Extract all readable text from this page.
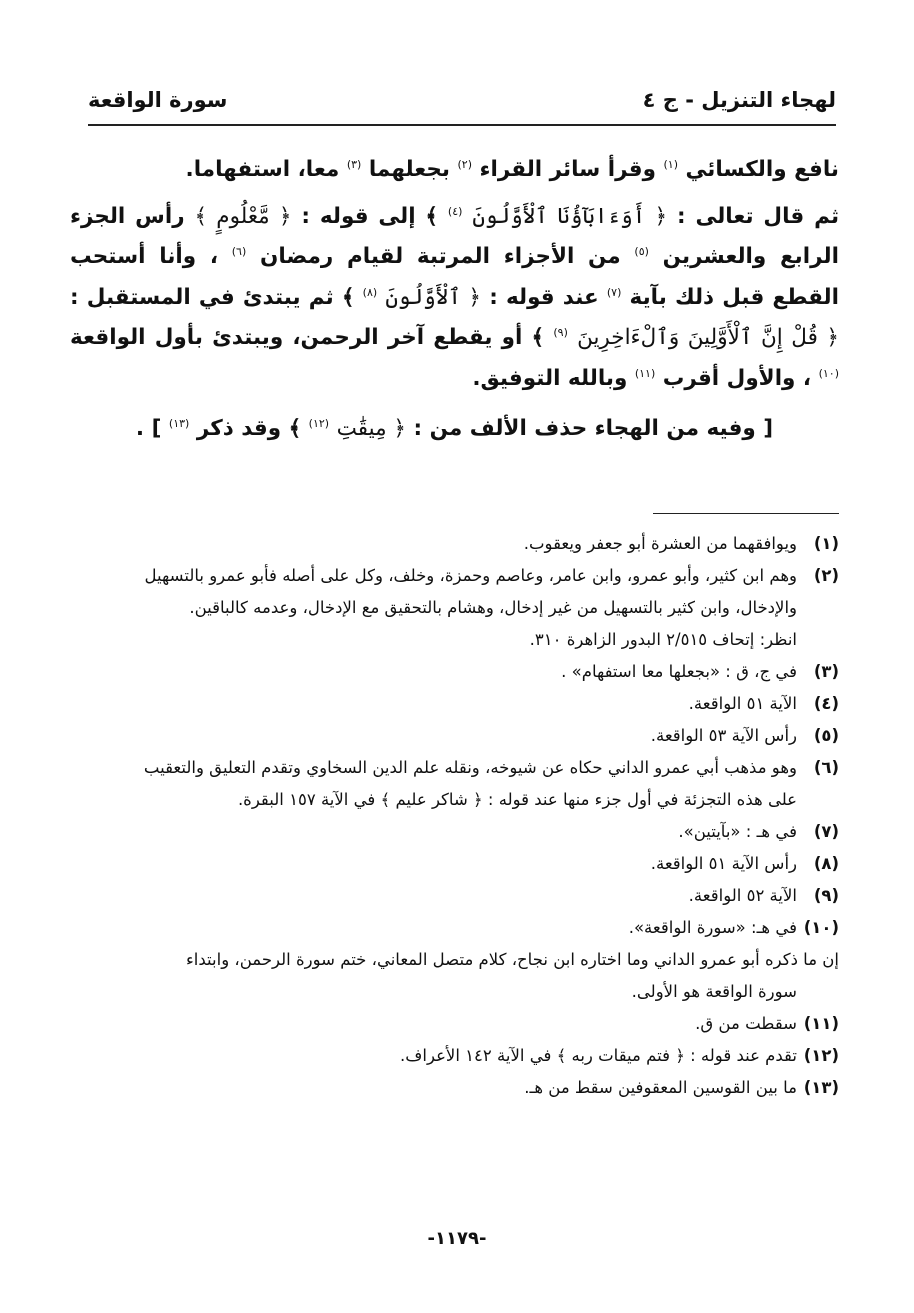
لهجاء التنزيل - ج ٤
سورة الواقعة

نافع والكسائي $^{(١)}$ وقرأ سائر القراء $^{(٢)}$ بجعلهما $^{(٣)}$ معا، استفهاما.

ثم قال تعالى : ﴿ أَوَءَابَآؤُنَا ٱلْأَوَّلُونَ $^{(٤)}$ ﴾ إلى قوله : ﴿ مَّعْلُومٍ ﴾ رأس الجزء الرابع والعشرين $^{(٥)}$ من الأجزاء المرتبة لقيام رمضان $^{(٦)}$ ، وأنا أستحب القطع قبل ذلك بآية $^{(٧)}$ عند قوله : ﴿ ٱلْأَوَّلُونَ $^{(٨)}$ ﴾ ثم يبتدئ في المستقبل : ﴿ قُلْ إِنَّ ٱلْأَوَّلِينَ وَٱلْءَاخِرِينَ $^{(٩)}$ ﴾ أو يقطع آخر الرحمن، ويبتدئ بأول الواقعة $^{(١٠)}$ ، والأول أقرب $^{(١١)}$ وبالله التوفيق.

[ وفيه من الهجاء حذف الألف من : ﴿ مِيقَٰتِ $^{(١٢)}$ ﴾ وقد ذكر $^{(١٣)}$ ] .

(١)
ويوافقهما من العشرة أبو جعفر ويعقوب.
(٢)
وهم ابن كثير، وأبو عمرو، وابن عامر، وعاصم وحمزة، وخلف، وكل على أصله فأبو عمرو بالتسهيل
والإدخال، وابن كثير بالتسهيل من غير إدخال، وهشام بالتحقيق مع الإدخال، وعدمه كالباقين.
انظر: إتحاف ٢/٥١٥ البدور الزاهرة ٣١٠.
(٣)
في ج، ق : «بجعلها معا استفهام» .
(٤)
الآية ٥١ الواقعة.
(٥)
رأس الآية ٥٣ الواقعة.
(٦)
وهو مذهب أبي عمرو الداني حكاه عن شيوخه، ونقله علم الدين السخاوي وتقدم التعليق والتعقيب
على هذه التجزئة في أول جزء منها عند قوله : ﴿ شاكر عليم ﴾ في الآية ١٥٧ البقرة.
(٧)
في هـ : «بآيتين».
(٨)
رأس الآية ٥١ الواقعة.
(٩)
الآية ٥٢ الواقعة.
(١٠)
في هـ: «سورة الواقعة».
إن ما ذكره أبو عمرو الداني وما اختاره ابن نجاح، كلام متصل المعاني، ختم سورة الرحمن، وابتداء
سورة الواقعة هو الأولى.
(١١)
سقطت من ق.
(١٢)
تقدم عند قوله : ﴿ فتم ميقات ربه ﴾ في الآية ١٤٢ الأعراف.
(١٣)
ما بين القوسين المعقوفين سقط من هـ.
-١١٧٩-
